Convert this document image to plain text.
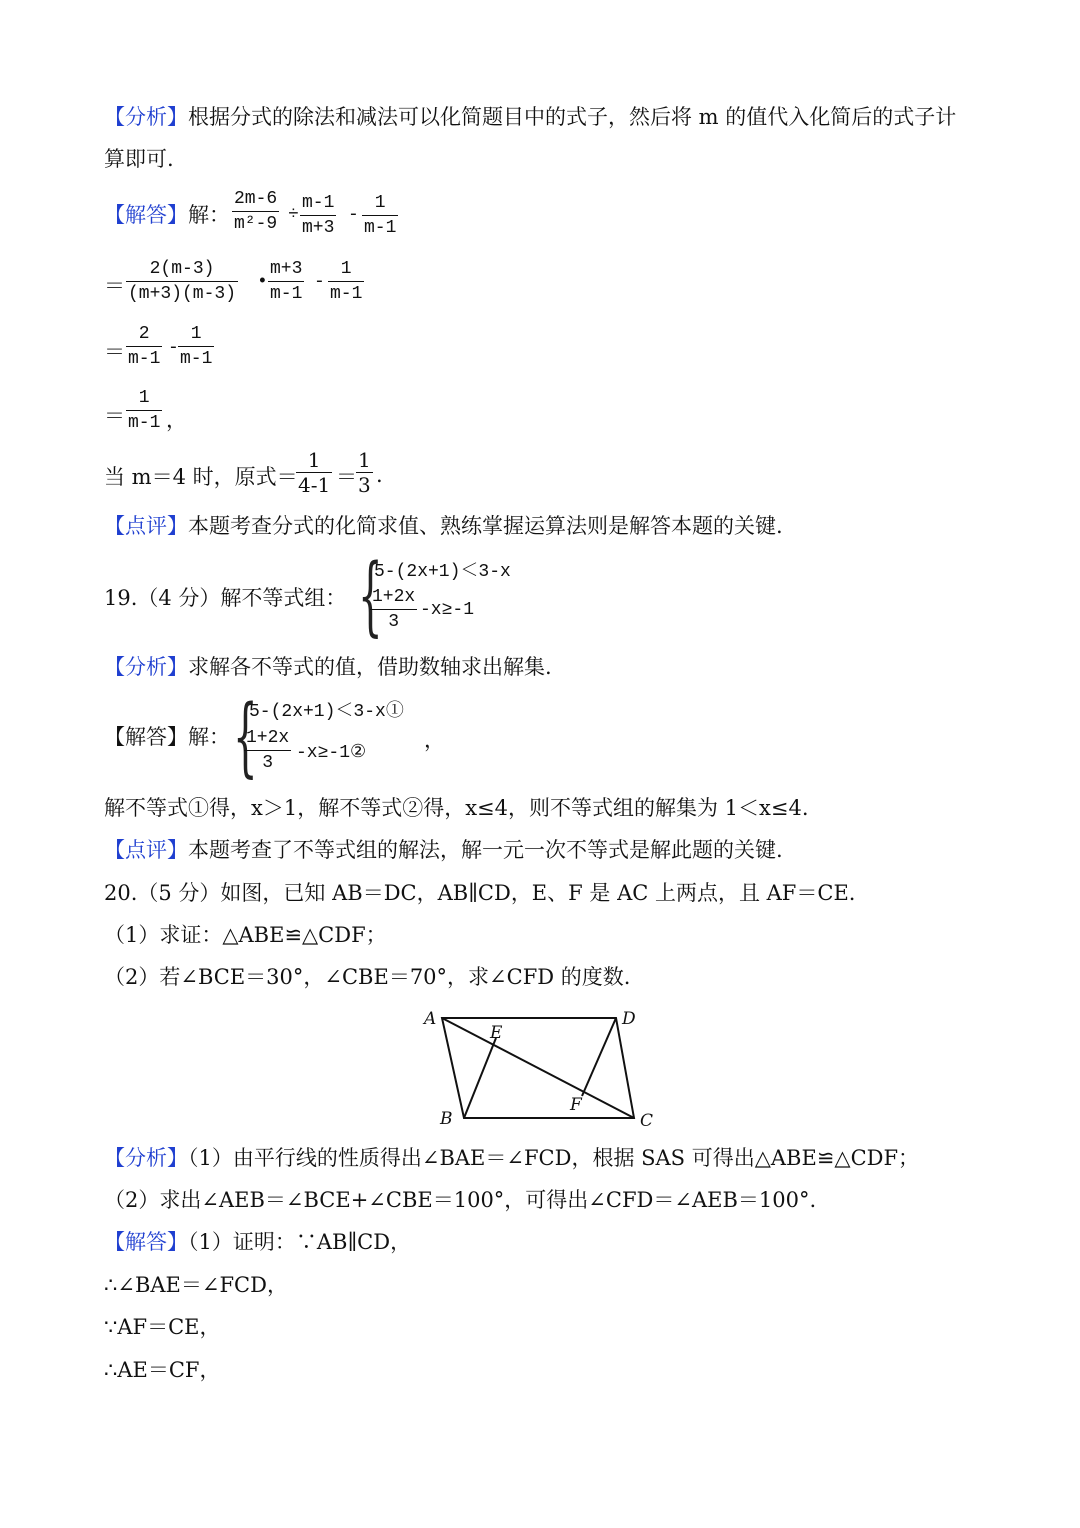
【分析】根据分式的除法和减法可以化简题目中的式子，然后将 m 的值代入化简后的式子计
算即可.
【解答】解： $\frac{2m-6}{\text{m²-9}} \div \frac{m-1}{m+3} - \frac{1}{m-1}$
＝ $\frac{2(m-3)}{(m+3)(m-3)}$ • $\frac{m+3}{m-1} - \frac{1}{m-1}$
＝ $\frac{2}{m-1} - \frac{1}{m-1}$
＝ $\frac{1}{m-1}$ ，
当 m＝4 时，原式＝
$\frac{1}{4-1} = \frac{1}{3}$ .
【点评】本题考查分式的化简求值、熟练掌握运算法则是解答本题的关键.
19.（4 分）解不等式组： {
5-(2x+1)＜3-x
$\frac{1+2x}{3} -x\ge-1$
【分析】求解各不等式的值，借助数轴求出解集.
【解答】解： {
5-(2x+1)＜3-x①
$\frac{1+2x}{3}$ -x≥-1②
，
解不等式①得，x＞1，解不等式②得，x≤4，则不等式组的解集为 1＜x≤4.
【点评】本题考查了不等式组的解法，解一元一次不等式是解此题的关键.
20.（5 分）如图，已知 AB＝DC，AB∥CD，E、F 是 AC 上两点，且 AF＝CE.
（1）求证：△ABE≌△CDF；
（2）若∠BCE＝30°，∠CBE＝70°，求∠CFD 的度数.
A	D
E
F
B	C
【分析】（1）由平行线的性质得出∠BAE＝∠FCD，根据 SAS 可得出△ABE≌△CDF；
（2）求出∠AEB＝∠BCE+∠CBE＝100°，可得出∠CFD＝∠AEB＝100°.
【解答】（1）证明：∵AB∥CD，
∴∠BAE＝∠FCD，
∵AF＝CE，
∴AE＝CF，
